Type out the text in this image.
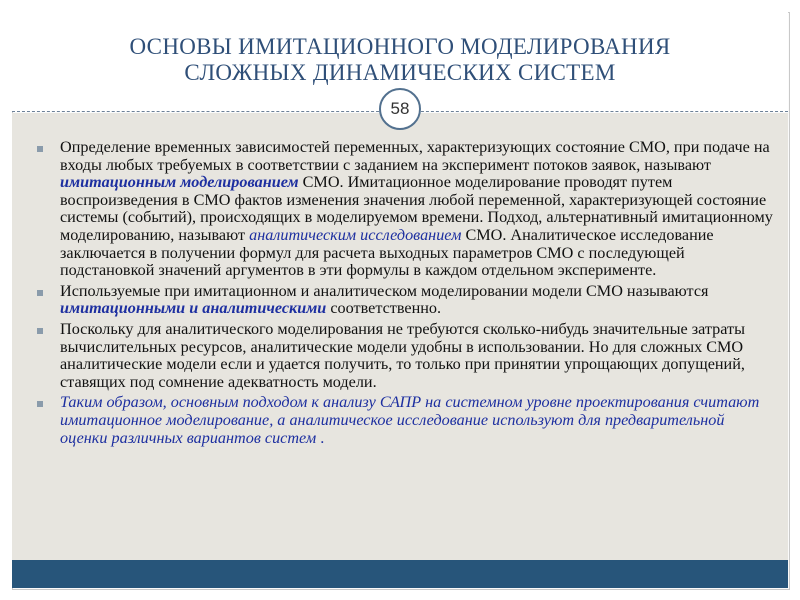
ОСНОВЫ ИМИТАЦИОННОГО МОДЕЛИРОВАНИЯ
СЛОЖНЫХ ДИНАМИЧЕСКИХ СИСТЕМ
Определение временных зависимостей переменных, характеризующих состояние СМО, при подаче на входы любых требуемых в соответствии с заданием на эксперимент потоков заявок, называют имитационным моделированием СМО. Имитационное моделирование проводят путем воспроизведения в СМО фактов изменения значения любой переменной, характеризующей состояние системы (событий), происходящих в моделируемом времени. Подход, альтернативный имитационному моделированию, называют аналитическим исследованием СМО. Аналитическое исследование заключается в получении формул для расчета выходных параметров СМО с последующей подстановкой значений аргументов в эти формулы в каждом отдельном эксперименте.
Используемые при имитационном и аналитическом моделировании модели СМО называются имитационными и аналитическими соответственно.
Поскольку для аналитического моделирования не требуются сколько-нибудь значительные затраты вычислительных ресурсов, аналитические модели удобны в использовании. Но для сложных СМО аналитические модели если и удается получить, то только при принятии упрощающих допущений, ставящих под сомнение адекватность модели.
Таким образом, основным подходом к анализу САПР на системном уровне проектирования считают имитационное моделирование, а аналитическое исследование используют для предварительной оценки различных вариантов систем .
58
